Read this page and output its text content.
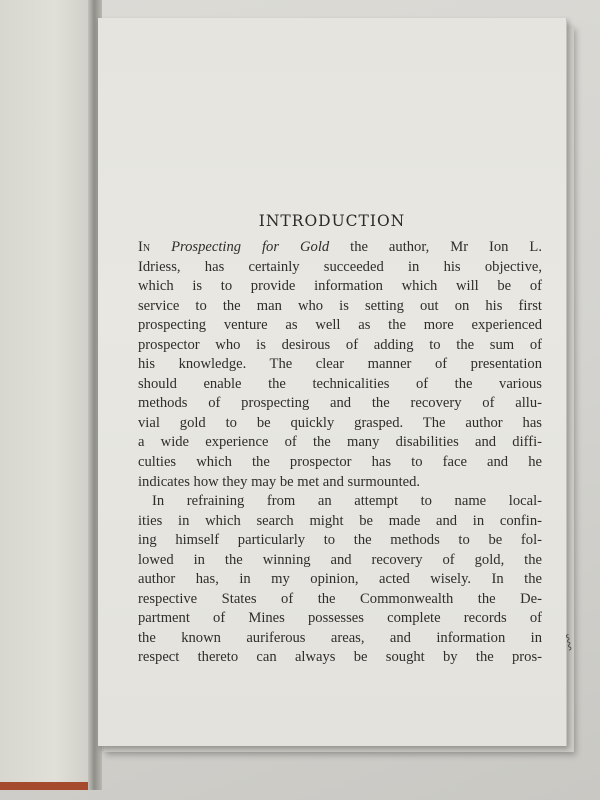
INTRODUCTION
In Prospecting for Gold the author, Mr Ion L.
Idriess, has certainly succeeded in his objective,
which is to provide information which will be of
service to the man who is setting out on his first
prospecting venture as well as the more experienced
prospector who is desirous of adding to the sum of
his knowledge. The clear manner of presentation
should enable the technicalities of the various
methods of prospecting and the recovery of allu-
vial gold to be quickly grasped. The author has
a wide experience of the many disabilities and diffi-
culties which the prospector has to face and he
indicates how they may be met and surmounted.
In refraining from an attempt to name local-
ities in which search might be made and in confin-
ing himself particularly to the methods to be fol-
lowed in the winning and recovery of gold, the
author has, in my opinion, acted wisely. In the
respective States of the Commonwealth the De-
partment of Mines possesses complete records of
the known auriferous areas, and information in
respect thereto can always be sought by the pros-
⸾
